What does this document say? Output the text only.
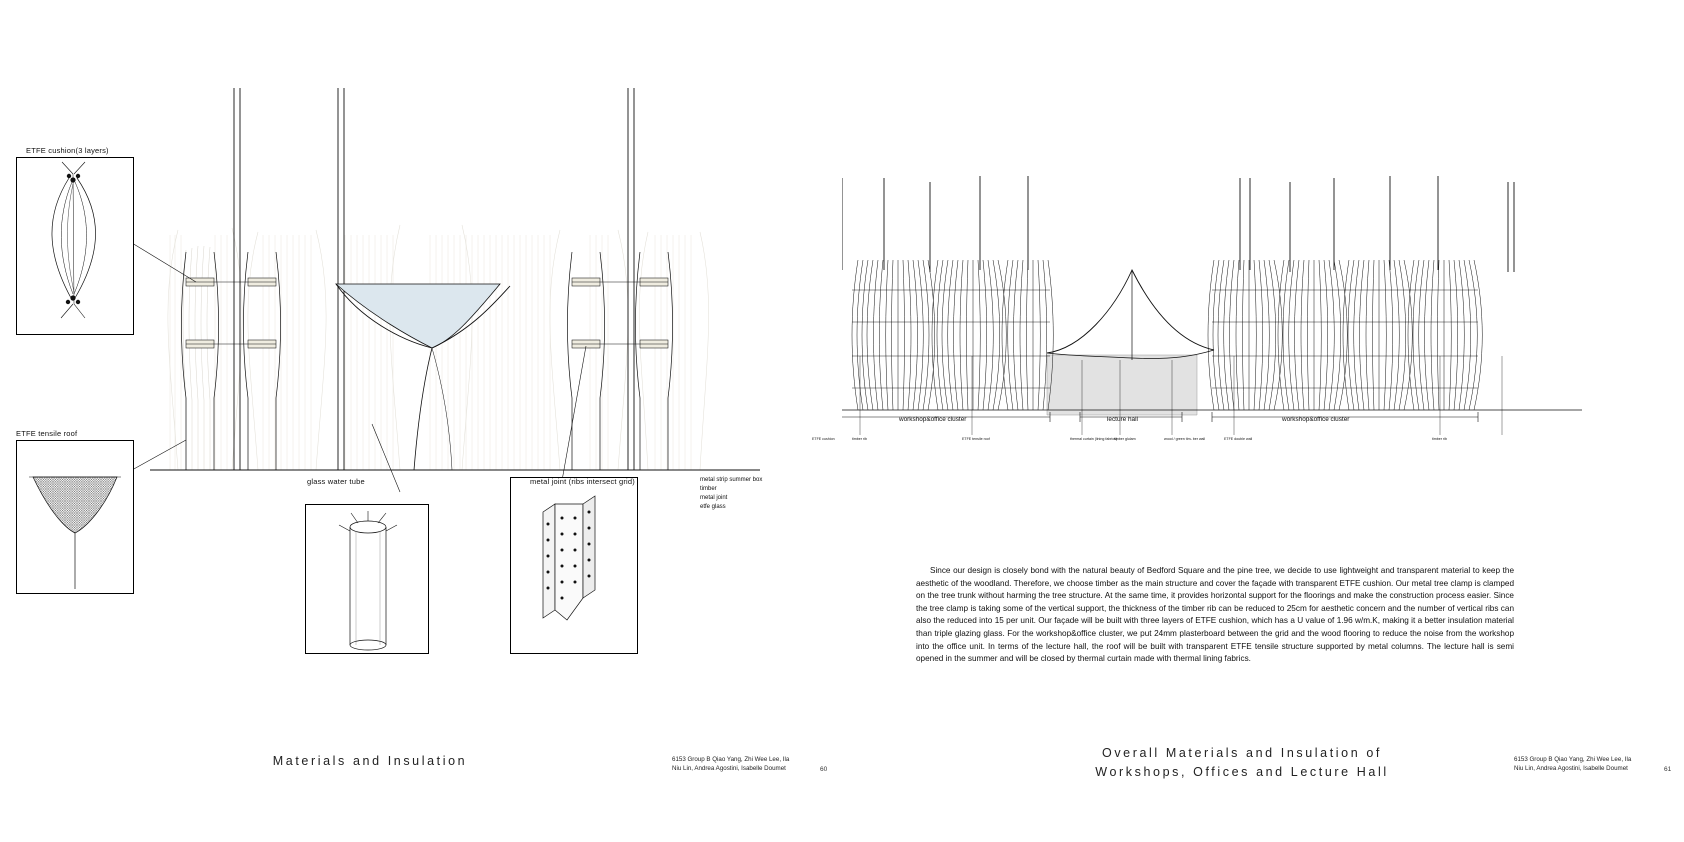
ETFE cushion(3 layers)
ETFE tensile roof
glass water tube	metal joint (ribs intersect grid)	metal strip summer box
timber
metal joint
etfe glass
Materials and Insulation	6153 Group B Qiao Yang, Zhi Wee Lee, Ila
Niu Lin, Andrea Agostini, Isabelle Doumet	60
workshop&office cluster	lecture hall	workshop&office cluster
ETFE cushion	timber rib	ETFE tensile roof	thermal curtain (lining fabrics)
timber glulam	wood / green tim- ber wall	ETFE double wall	timber rib

Since our design is closely bond with the natural beauty of Bedford Square and the pine tree, we decide to use lightweight and transparent material to keep the aesthetic of the woodland. Therefore, we choose timber as the main structure and cover the façade with transparent ETFE cushion. Our metal tree clamp is clamped on the tree trunk without harming the tree structure. At the same time, it provides horizontal support for the floorings and make the construction process easier. Since the tree clamp is taking some of the vertical support, the thickness of the timber rib can be reduced to 25cm for aesthetic concern and the number of vertical ribs can also the reduced into 15 per unit. Our façade will be built with three layers of ETFE cushion, which has a U value of 1.96 w/m.K, making it a better insulation material than triple glazing glass. For the workshop&office cluster, we put 24mm plasterboard between the grid and the wood flooring to reduce the noise from the workshop into the office unit. In terms of the lecture hall, the roof will be built with transparent ETFE tensile structure supported by metal columns. The lecture hall is semi opened in the summer and will be closed by thermal curtain made with thermal lining fabrics.

Overall Materials and Insulation of
Workshops, Offices and Lecture Hall
6153 Group B Qiao Yang, Zhi Wee Lee, Ila
Niu Lin, Andrea Agostini, Isabelle Doumet	61
